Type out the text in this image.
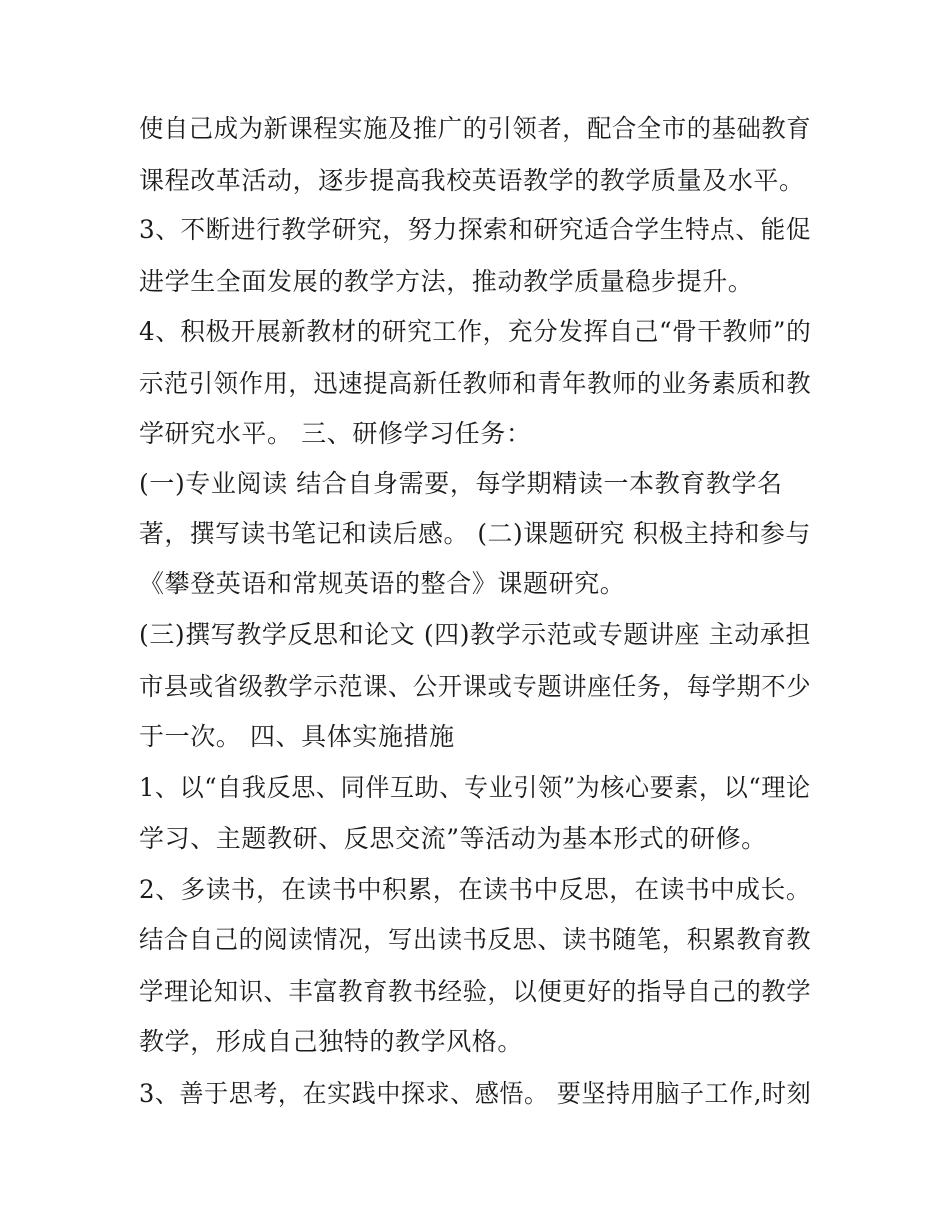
使自己成为新课程实施及推广的引领者，配合全市的基础教育
课程改革活动，逐步提高我校英语教学的教学质量及水平。
3、不断进行教学研究，努力探索和研究适合学生特点、能促
进学生全面发展的教学方法，推动教学质量稳步提升。
4、积极开展新教材的研究工作，充分发挥自己“骨干教师”的
示范引领作用，迅速提高新任教师和青年教师的业务素质和教
学研究水平。 三、研修学习任务：
(一)专业阅读 结合自身需要，每学期精读一本教育教学名
著，撰写读书笔记和读后感。 (二)课题研究 积极主持和参与
《攀登英语和常规英语的整合》课题研究。
(三)撰写教学反思和论文 (四)教学示范或专题讲座 主动承担
市县或省级教学示范课、公开课或专题讲座任务，每学期不少
于一次。 四、具体实施措施
1、以“自我反思、同伴互助、专业引领”为核心要素，以“理论
学习、主题教研、反思交流”等活动为基本形式的研修。
2、多读书，在读书中积累，在读书中反思，在读书中成长。
结合自己的阅读情况，写出读书反思、读书随笔，积累教育教
学理论知识、丰富教育教书经验，以便更好的指导自己的教学
教学，形成自己独特的教学风格。
3、善于思考，在实践中探求、感悟。 要坚持用脑子工作,时刻
